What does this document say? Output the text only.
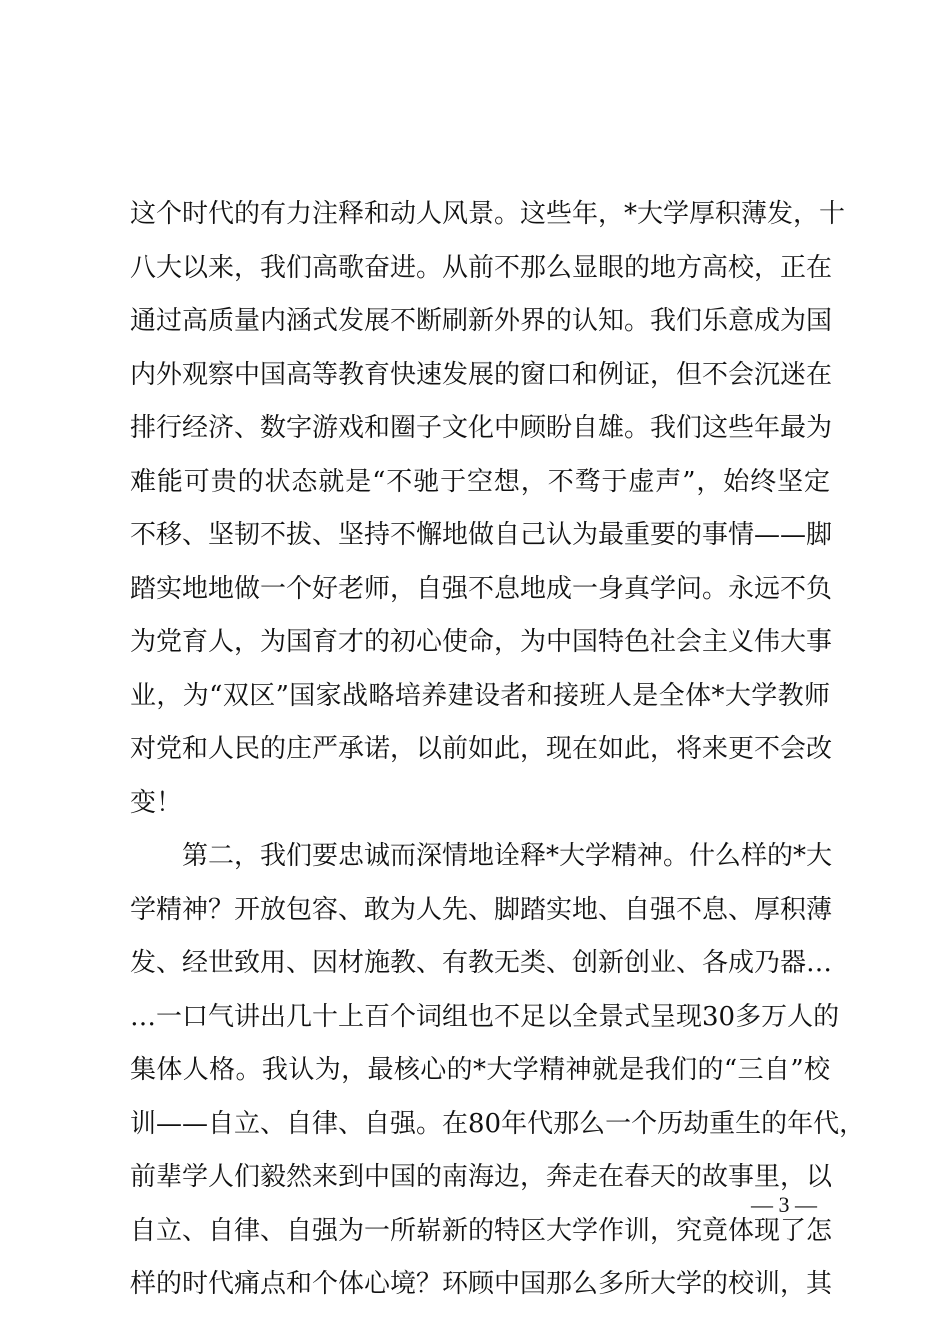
这个时代的有力注释和动人风景。这些年，*大学厚积薄发，十
八大以来，我们高歌奋进。从前不那么显眼的地方高校，正在
通过高质量内涵式发展不断刷新外界的认知。我们乐意成为国
内外观察中国高等教育快速发展的窗口和例证，但不会沉迷在
排行经济、数字游戏和圈子文化中顾盼自雄。我们这些年最为
难能可贵的状态就是“不驰于空想，不骛于虚声”，始终坚定
不移、坚韧不拔、坚持不懈地做自己认为最重要的事情——脚
踏实地地做一个好老师，自强不息地成一身真学问。永远不负
为党育人，为国育才的初心使命，为中国特色社会主义伟大事
业，为“双区”国家战略培养建设者和接班人是全体*大学教师
对党和人民的庄严承诺，以前如此，现在如此，将来更不会改
变！
第二，我们要忠诚而深情地诠释*大学精神。什么样的*大
学精神？开放包容、敢为人先、脚踏实地、自强不息、厚积薄
发、经世致用、因材施教、有教无类、创新创业、各成乃器…
…一口气讲出几十上百个词组也不足以全景式呈现30多万人的
集体人格。我认为，最核心的*大学精神就是我们的“三自”校
训——自立、自律、自强。在80年代那么一个历劫重生的年代，
前辈学人们毅然来到中国的南海边，奔走在春天的故事里，以
自立、自律、自强为一所崭新的特区大学作训，究竟体现了怎
样的时代痛点和个体心境？环顾中国那么多所大学的校训，其
— 3 —
